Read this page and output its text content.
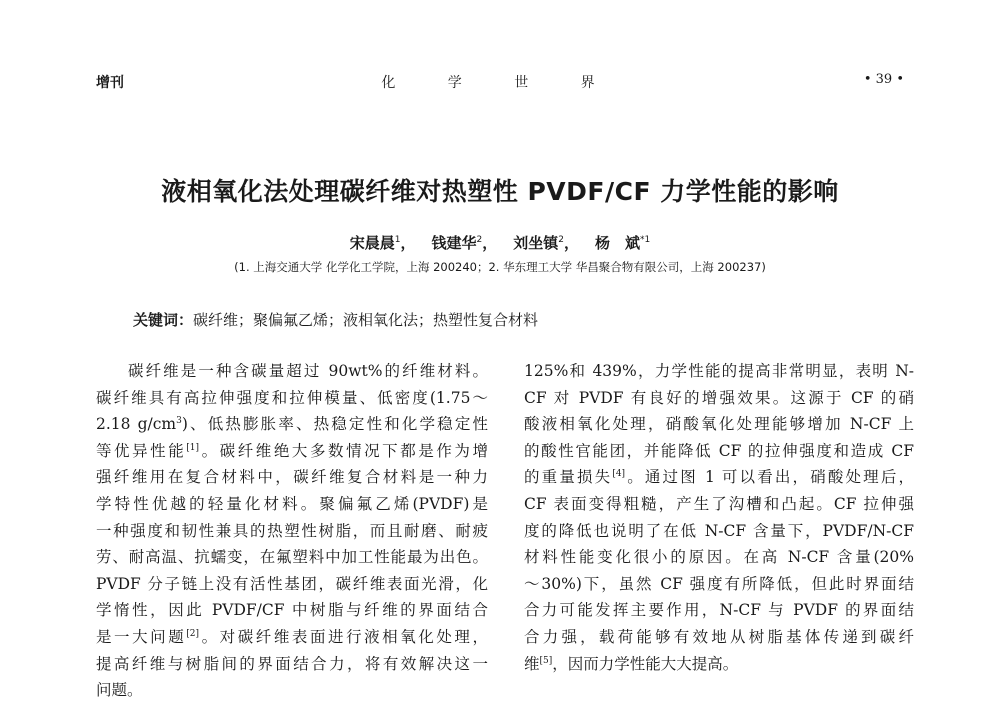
增刊	化 学 世 界	• 39 •
液相氧化法处理碳纤维对热塑性 PVDF/CF 力学性能的影响
宋晨晨$^1$， 钱建华$^2$， 刘坐镇$^2$， 杨　斌$^{*1}$
(1. 上海交通大学 化学化工学院，上海 200240；2. 华东理工大学 华昌聚合物有限公司，上海 200237)
关键词：碳纤维；聚偏氟乙烯；液相氧化法；热塑性复合材料
碳纤维是一种含碳量超过 90wt%的纤维材料。
碳纤维具有高拉伸强度和拉伸模量、低密度(1.75～
2.18 $g/cm^3$)、低热膨胀率、热稳定性和化学稳定性
等优异性能[1]。碳纤维绝大多数情况下都是作为增
强纤维用在复合材料中，碳纤维复合材料是一种力
学特性优越的轻量化材料。聚偏氟乙烯(PVDF)是
一种强度和韧性兼具的热塑性树脂，而且耐磨、耐疲
劳、耐高温、抗蠕变，在氟塑料中加工性能最为出色。
PVDF 分子链上没有活性基团，碳纤维表面光滑，化
学惰性，因此 PVDF/CF 中树脂与纤维的界面结合
是一大问题[2]。对碳纤维表面进行液相氧化处理，
提高纤维与树脂间的界面结合力，将有效解决这一
问题。
125%和 439%，力学性能的提高非常明显，表明 N-
CF 对 PVDF 有良好的增强效果。这源于 CF 的硝
酸液相氧化处理，硝酸氧化处理能够增加 N-CF 上
的酸性官能团，并能降低 CF 的拉伸强度和造成 CF
的重量损失[4]。通过图 1 可以看出，硝酸处理后，
CF 表面变得粗糙，产生了沟槽和凸起。CF 拉伸强
度的降低也说明了在低 N-CF 含量下，PVDF/N-CF
材料性能变化很小的原因。在高 N-CF 含量(20%
～30%)下，虽然 CF 强度有所降低，但此时界面结
合力可能发挥主要作用，N-CF 与 PVDF 的界面结
合力强，载荷能够有效地从树脂基体传递到碳纤
维[5]，因而力学性能大大提高。
